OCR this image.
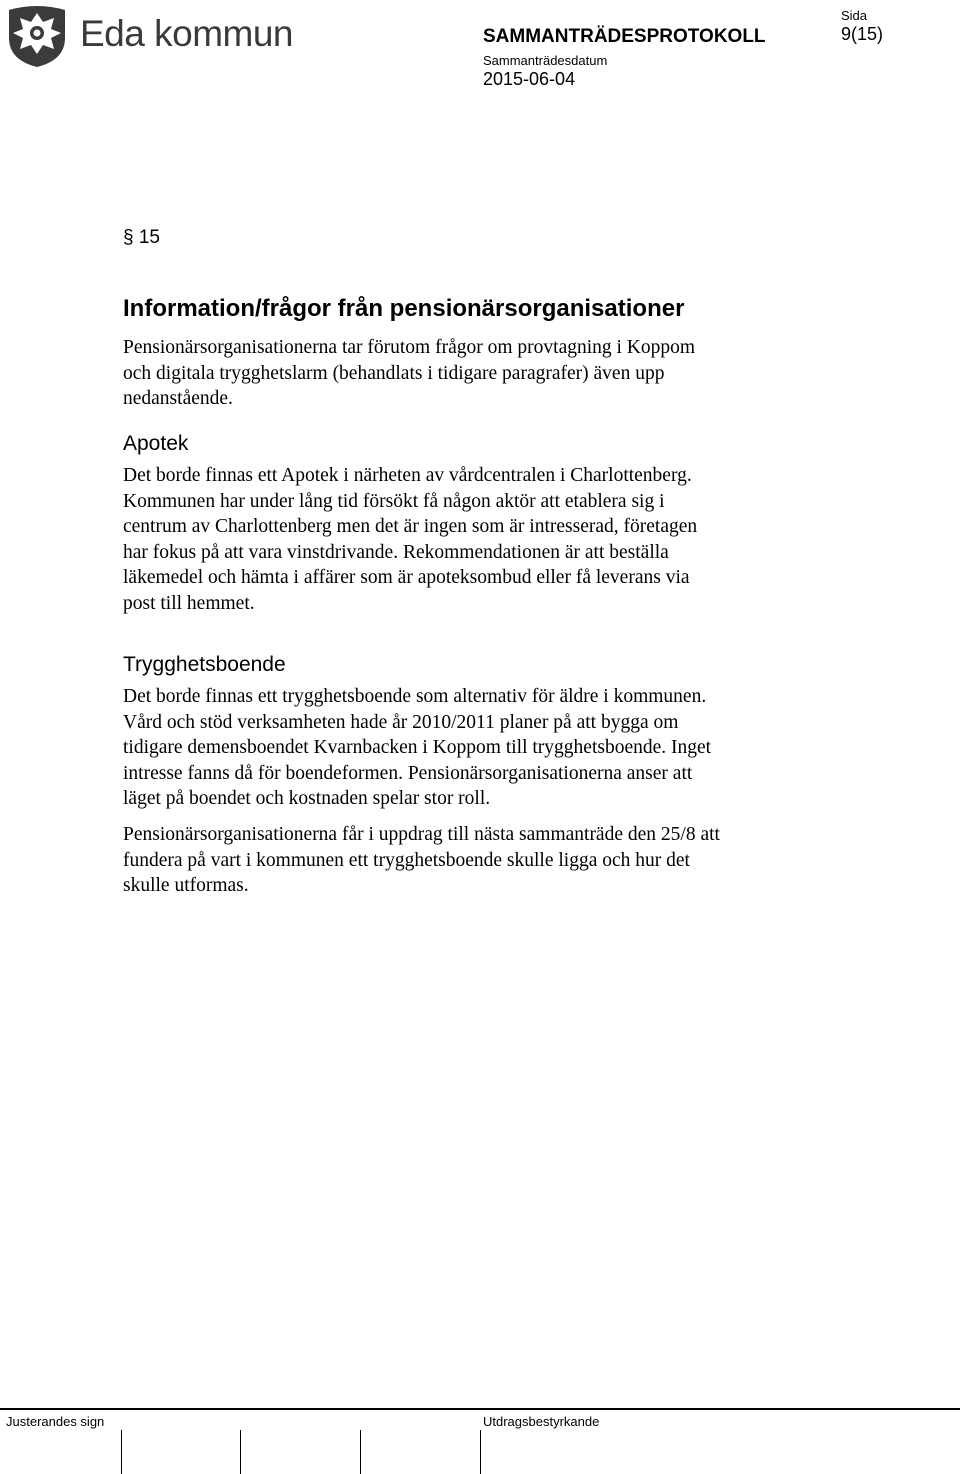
Eda kommun	SAMMANTRÄDESPROTOKOLL
Sammanträdesdatum
2015-06-04
Sida
9(15)
§ 15
Information/frågor från pensionärsorganisationer
Pensionärsorganisationerna tar förutom frågor om provtagning i Koppom
och digitala trygghetslarm (behandlats i tidigare paragrafer) även upp
nedanstående.
Apotek
Det borde finnas ett Apotek i närheten av vårdcentralen i Charlottenberg.
Kommunen har under lång tid försökt få någon aktör att etablera sig i
centrum av Charlottenberg men det är ingen som är intresserad, företagen
har fokus på att vara vinstdrivande. Rekommendationen är att beställa
läkemedel och hämta i affärer som är apoteksombud eller få leverans via
post till hemmet.
Trygghetsboende
Det borde finnas ett trygghetsboende som alternativ för äldre i kommunen.
Vård och stöd verksamheten hade år 2010/2011 planer på att bygga om
tidigare demensboendet Kvarnbacken i Koppom till trygghetsboende. Inget
intresse fanns då för boendeformen. Pensionärsorganisationerna anser att
läget på boendet och kostnaden spelar stor roll.
Pensionärsorganisationerna får i uppdrag till nästa sammanträde den 25/8 att
fundera på vart i kommunen ett trygghetsboende skulle ligga och hur det
skulle utformas.
Justerandes sign	Utdragsbestyrkande
